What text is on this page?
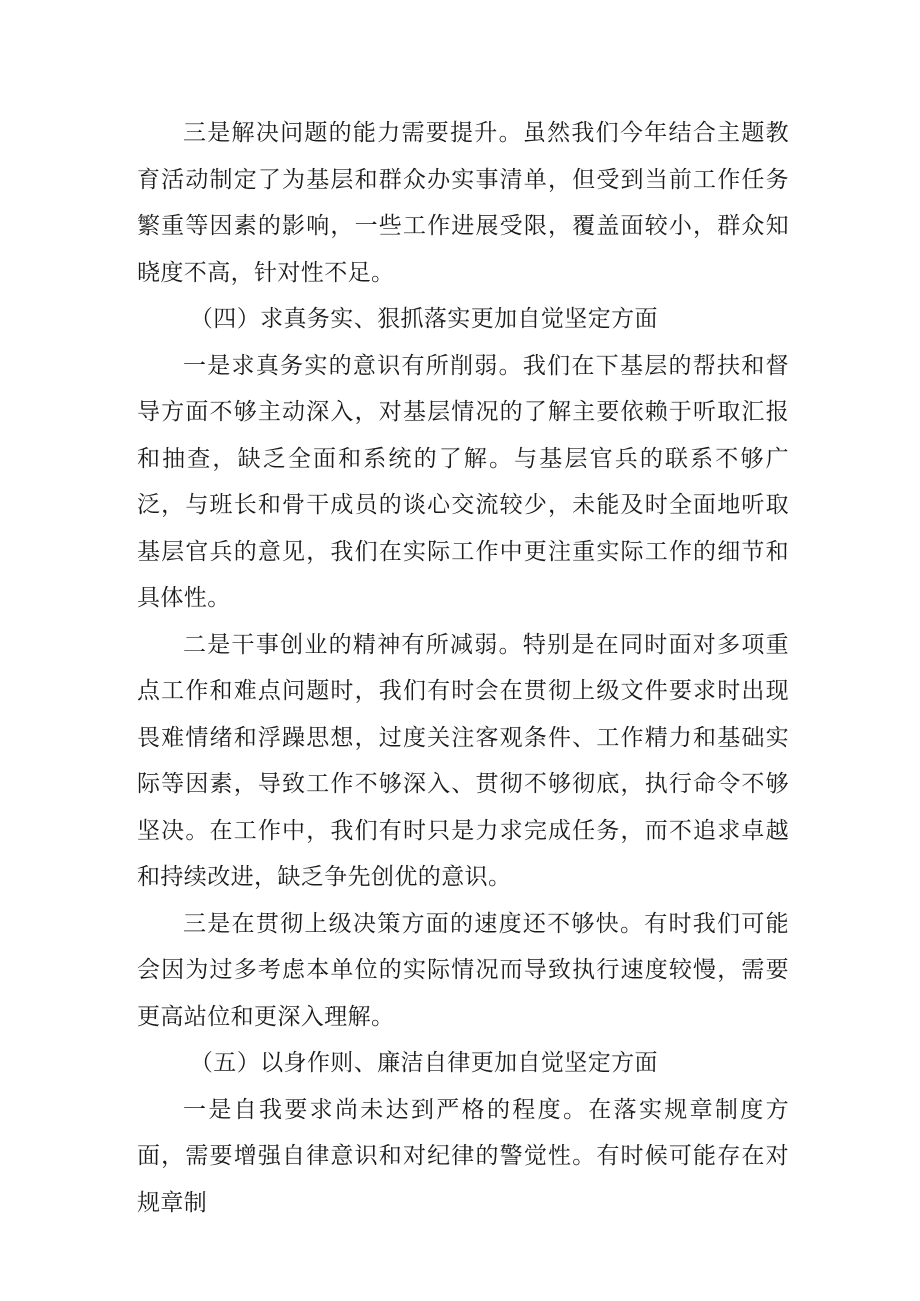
三是解决问题的能力需要提升。虽然我们今年结合主题教育活动制定了为基层和群众办实事清单，但受到当前工作任务繁重等因素的影响，一些工作进展受限，覆盖面较小，群众知晓度不高，针对性不足。

（四）求真务实、狠抓落实更加自觉坚定方面

一是求真务实的意识有所削弱。我们在下基层的帮扶和督导方面不够主动深入，对基层情况的了解主要依赖于听取汇报和抽查，缺乏全面和系统的了解。与基层官兵的联系不够广泛，与班长和骨干成员的谈心交流较少，未能及时全面地听取基层官兵的意见，我们在实际工作中更注重实际工作的细节和具体性。

二是干事创业的精神有所减弱。特别是在同时面对多项重点工作和难点问题时，我们有时会在贯彻上级文件要求时出现畏难情绪和浮躁思想，过度关注客观条件、工作精力和基础实际等因素，导致工作不够深入、贯彻不够彻底，执行命令不够坚决。在工作中，我们有时只是力求完成任务，而不追求卓越和持续改进，缺乏争先创优的意识。

三是在贯彻上级决策方面的速度还不够快。有时我们可能会因为过多考虑本单位的实际情况而导致执行速度较慢，需要更高站位和更深入理解。

（五）以身作则、廉洁自律更加自觉坚定方面

一是自我要求尚未达到严格的程度。在落实规章制度方面，需要增强自律意识和对纪律的警觉性。有时候可能存在对规章制
